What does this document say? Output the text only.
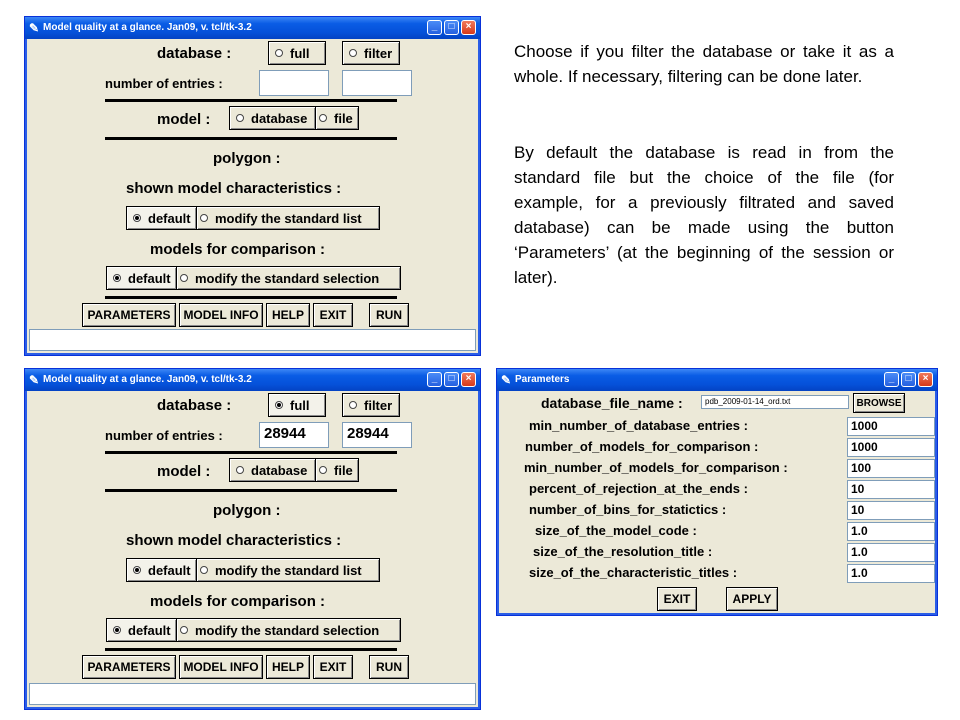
✎ Model quality at a glance. Jan09, v. tcl/tk-3.2	_	□	×
database :	full	filter
number of entries :
model :	database file
polygon :
shown model characteristics :
default modify the standard list
models for comparison :
default modify the standard selection
PARAMETERS	MODEL INFO	HELP	EXIT	RUN

Choose if you filter the database or take it as a whole. If necessary, filtering can be done later.

By default the database is read in from the standard file but the choice of the file (for example, for a previously filtrated and saved database) can be made using the button ‘Parameters’ (at the beginning of the session or later).

✎ Model quality at a glance. Jan09, v. tcl/tk-3.2	_	□	×
database :	full	filter
number of entries :	28944	28944
model :	database file
polygon :
shown model characteristics :
default modify the standard list
models for comparison :
default modify the standard selection
PARAMETERS	MODEL INFO	HELP	EXIT	RUN
✎ Parameters	_	□	×
database_file_name :	pdb_2009-01-14_ord.txt	BROWSE
min_number_of_database_entries :	1000
number_of_models_for_comparison :	1000
min_number_of_models_for_comparison :	100
percent_of_rejection_at_the_ends :	10
number_of_bins_for_statictics :	10
size_of_the_model_code :	1.0
size_of_the_resolution_title :	1.0
size_of_the_characteristic_titles :	1.0
EXIT	APPLY
